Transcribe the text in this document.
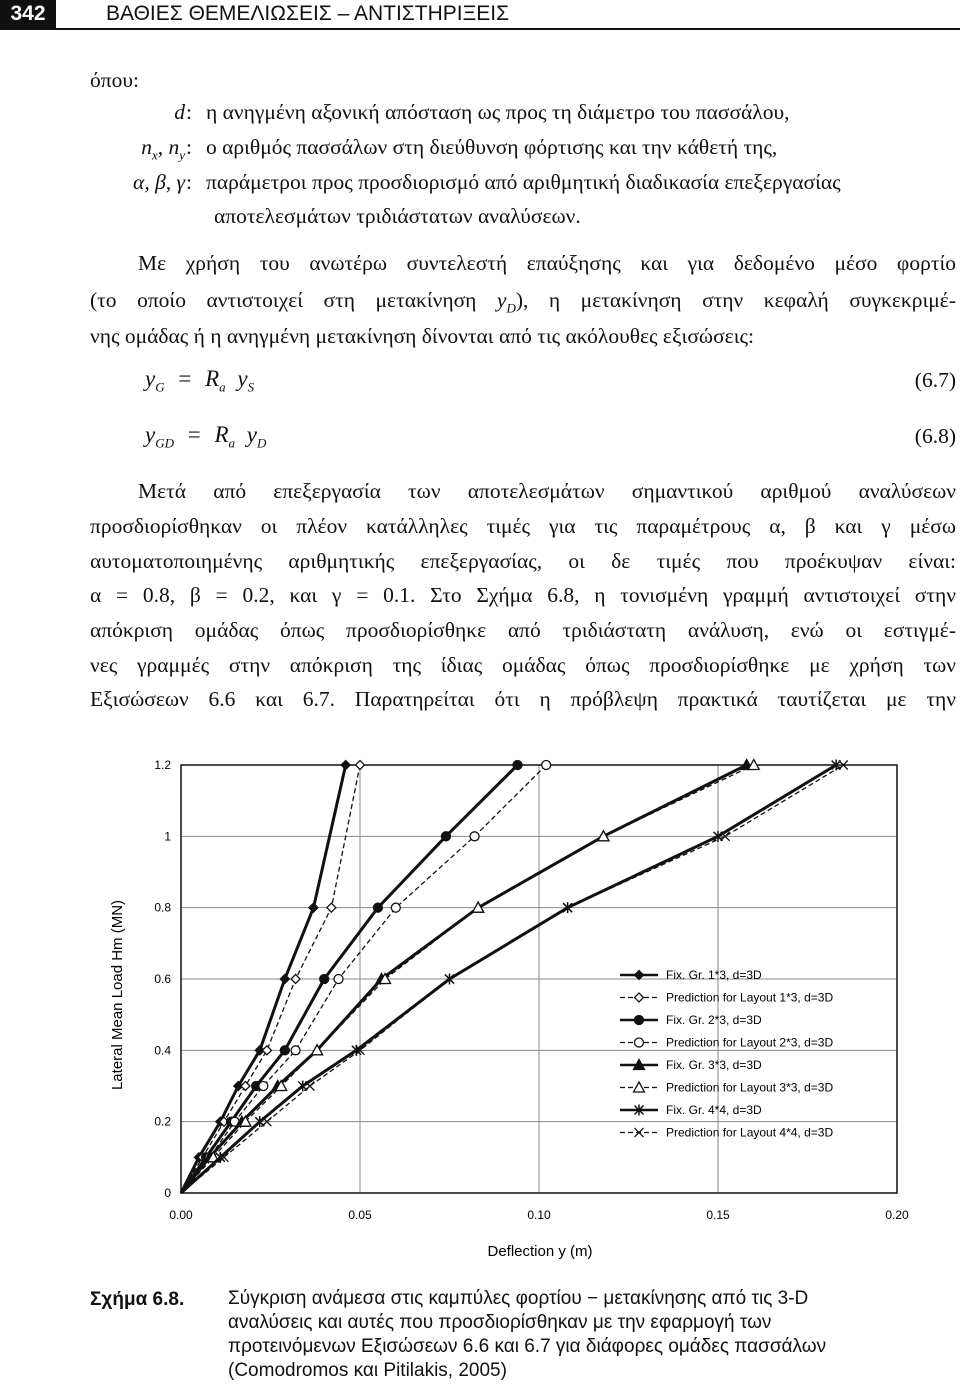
342	ΒΑΘΙΕΣ ΘΕΜΕΛΙΩΣΕΙΣ – ΑΝΤΙΣΤΗΡΙΞΕΙΣ
όπου:
d : η ανηγμένη αξονική απόσταση ως προς τη διάμετρο του πασσάλου,
$n_x$, $n_y$ : ο αριθμός πασσάλων στη διεύθυνση φόρτισης και την κάθετή της,
α, β, γ : παράμετροι προς προσδιορισμό από αριθμητική διαδικασία επεξεργασίας
αποτελεσμάτων τριδιάστατων αναλύσεων.
Με χρήση του ανωτέρω συντελεστή επαύξησης και για δεδομένο μέσο φορτίο
(το οποίο αντιστοιχεί στη μετακίνηση $y_D$), η μετακίνηση στην κεφαλή συγκεκριμέ-
νης ομάδας ή η ανηγμένη μετακίνηση δίνονται από τις ακόλουθες εξισώσεις:
$y_G = R_a$ $y_S$	(6.7)
$y_{GD} = R_a$ $y_D$	(6.8)
Μετά από επεξεργασία των αποτελεσμάτων σημαντικού αριθμού αναλύσεων
προσδιορίσθηκαν οι πλέον κατάλληλες τιμές για τις παραμέτρους α, β και γ μέσω
αυτοματοποιημένης αριθμητικής επεξεργασίας, οι δε τιμές που προέκυψαν είναι:
α = 0.8, β = 0.2, και γ = 0.1. Στο Σχήμα 6.8, η τονισμένη γραμμή αντιστοιχεί στην
απόκριση ομάδας όπως προσδιορίσθηκε από τριδιάστατη ανάλυση, ενώ οι εστιγμέ-
νες γραμμές στην απόκριση της ίδιας ομάδας όπως προσδιορίσθηκε με χρήση των
Εξισώσεων 6.6 και 6.7. Παρατηρείται ότι η πρόβλεψη πρακτικά ταυτίζεται με την
0
0.2
0.4
0.6
0.8
1
1.2
0.00	0.05	0.10	0.15	0.20
Fix. Gr. 1*3, d=3D
Prediction for Layout 1*3, d=3D
Fix. Gr. 2*3, d=3D
Prediction for Layout 2*3, d=3D
Fix. Gr. 3*3, d=3D
Prediction for Layout 3*3, d=3D
Fix. Gr. 4*4, d=3D
Prediction for Layout 4*4, d=3D
Deflection y (m)
Lateral Mean Load Hm (MN)
Σχήμα 6.8. Σύγκριση ανάμεσα στις καμπύλες φορτίου − μετακίνησης από τις 3-D
αναλύσεις και αυτές που προσδιορίσθηκαν με την εφαρμογή των
προτεινόμενων Εξισώσεων 6.6 και 6.7 για διάφορες ομάδες πασσάλων
(Comodromos και Pitilakis, 2005)
